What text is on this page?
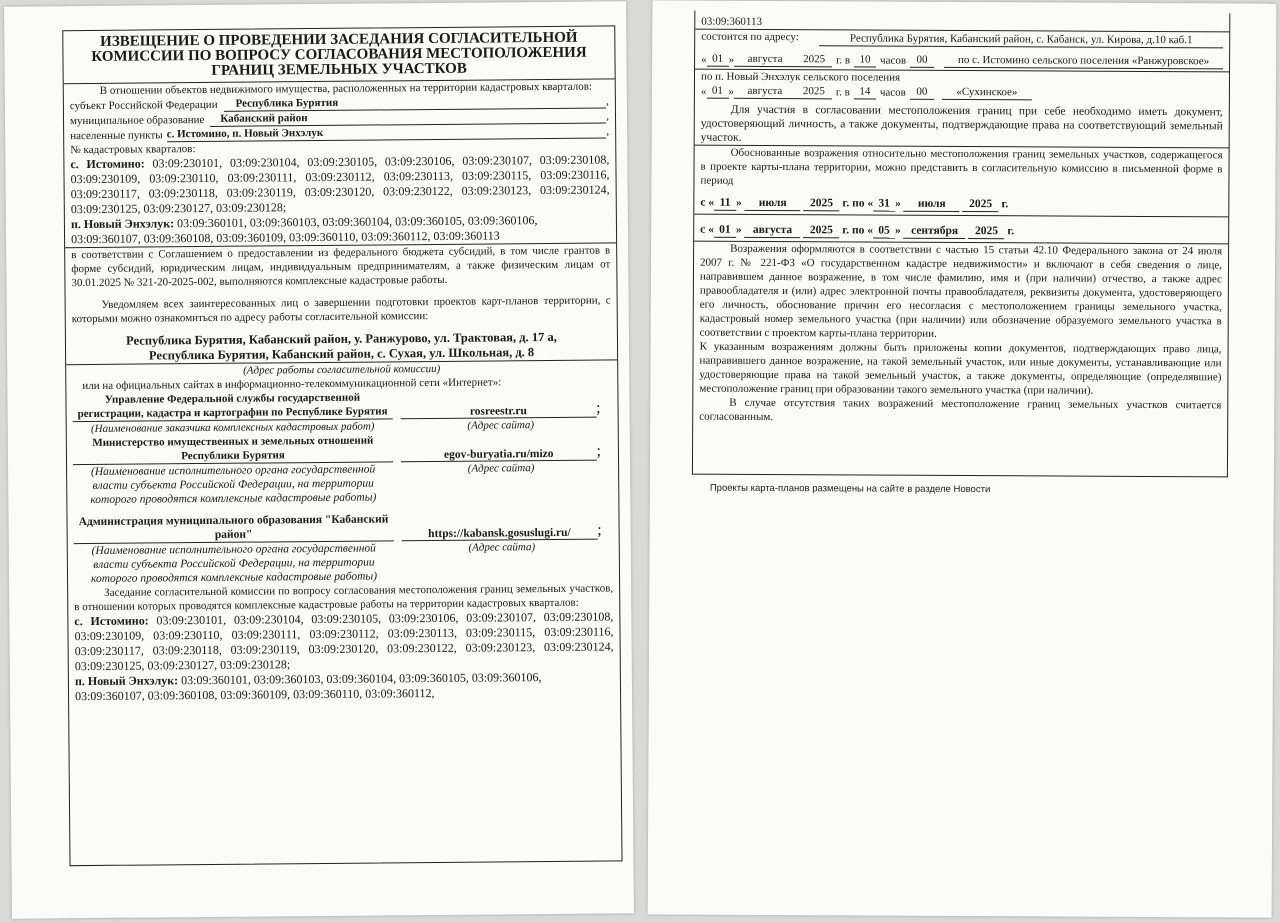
ИЗВЕЩЕНИЕ О ПРОВЕДЕНИИ ЗАСЕДАНИЯ СОГЛАСИТЕЛЬНОЙ КОМИССИИ ПО ВОПРОСУ СОГЛАСОВАНИЯ МЕСТОПОЛОЖЕНИЯ ГРАНИЦ ЗЕМЕЛЬНЫХ УЧАСТКОВ

В отношении объектов недвижимого имущества, расположенных на территории кадастровых кварталов:

субъект Российской Федерации	Республика Бурятия	,
муниципальное образование	Кабанский район	,
населенные пункты с. Истомино, п. Новый Энхэлук	,

№ кадастровых кварталов:

с. Истомино: 03:09:230101, 03:09:230104, 03:09:230105, 03:09:230106, 03:09:230107, 03:09:230108, 03:09:230109, 03:09:230110, 03:09:230111, 03:09:230112, 03:09:230113, 03:09:230115, 03:09:230116, 03:09:230117, 03:09:230118, 03:09:230119, 03:09:230120, 03:09:230122, 03:09:230123, 03:09:230124, 03:09:230125, 03:09:230127, 03:09:230128;

п. Новый Энхэлук: 03:09:360101, 03:09:360103, 03:09:360104, 03:09:360105, 03:09:360106, 03:09:360107, 03:09:360108, 03:09:360109, 03:09:360110, 03:09:360112, 03:09:360113

в соответствии с Соглашением о предоставлении из федерального бюджета субсидий, в том числе грантов в форме субсидий, юридическим лицам, индивидуальным предпринимателям, а также физическим лицам от 30.01.2025 № 321-20-2025-002, выполняются комплексные кадастровые работы.

Уведомляем всех заинтересованных лиц о завершении подготовки проектов карт-планов территории, с которыми можно ознакомиться по адресу работы согласительной комиссии:

Республика Бурятия, Кабанский район, у. Ранжурово, ул. Трактовая, д. 17 а,

Республика Бурятия, Кабанский район, с. Сухая, ул. Школьная, д. 8

(Адрес работы согласительной комиссии)

или на официальных сайтах в информационно-телекоммуникационной сети «Интернет»:

Управление Федеральной службы государственной регистрации, кадастра и картографии по Республике Бурятия	rosreestr.ru	;
(Наименование заказчика комплексных кадастровых работ)	(Адрес сайта)
Министерство имущественных и земельных отношений Республики Бурятия	egov-buryatia.ru/mizo	;
(Наименование исполнительного органа государственной власти субъекта Российской Федерации, на территории которого проводятся комплексные кадастровые работы)
(Адрес сайта)
Администрация муниципального образования "Кабанский район"	https://kabansk.gosuslugi.ru/	;
(Наименование исполнительного органа государственной власти субъекта Российской Федерации, на территории которого проводятся комплексные кадастровые работы)
(Адрес сайта)

Заседание согласительной комиссии по вопросу согласования местоположения границ земельных участков, в отношении которых проводятся комплексные кадастровые работы на территории кадастровых кварталов:

с. Истомино: 03:09:230101, 03:09:230104, 03:09:230105, 03:09:230106, 03:09:230107, 03:09:230108, 03:09:230109, 03:09:230110, 03:09:230111, 03:09:230112, 03:09:230113, 03:09:230115, 03:09:230116, 03:09:230117, 03:09:230118, 03:09:230119, 03:09:230120, 03:09:230122, 03:09:230123, 03:09:230124, 03:09:230125, 03:09:230127, 03:09:230128;

п. Новый Энхэлук: 03:09:360101, 03:09:360103, 03:09:360104, 03:09:360105, 03:09:360106, 03:09:360107, 03:09:360108, 03:09:360109, 03:09:360110, 03:09:360112,

03:09:360113

состоится по адресу:	Республика Бурятия, Кабанский район, с. Кабанск, ул. Кирова, д.10 каб.1
« 01 »	августа	2025 г. в 10 часов 00	по с. Истомино сельского поселения «Ранжуровское»

по п. Новый Энхэлук сельского поселения

« 01 »	августа	2025 г. в 14 часов 00	«Сухинское»

Для участия в согласовании местоположения границ при себе необходимо иметь документ, удостоверяющий личность, а также документы, подтверждающие права на соответствующий земельный участок.

Обоснованные возражения относительно местоположения границ земельных участков, содержащегося в проекте карты-плана территории, можно представить в согласительную комиссию в письменной форме в период

с « 11 » июля 2025 г. по « 31 » июля 2025 г.
с « 01 » августа 2025 г. по « 05 » сентября 2025 г.

Возражения оформляются в соответствии с частью 15 статьи 42.10 Федерального закона от 24 июля 2007 г. № 221-ФЗ «О государственном кадастре недвижимости» и включают в себя сведения о лице, направившем данное возражение, в том числе фамилию, имя и (при наличии) отчество, а также адрес правообладателя и (или) адрес электронной почты правообладателя, реквизиты документа, удостоверяющего его личность, обоснование причин его несогласия с местоположением границы земельного участка, кадастровый номер земельного участка (при наличии) или обозначение образуемого земельного участка в соответствии с проектом карты-плана территории.

К указанным возражениям должны быть приложены копии документов, подтверждающих право лица, направившего данное возражение, на такой земельный участок, или иные документы, устанавливающие или удостоверяющие права на такой земельный участок, а также документы, определяющие (определявшие) местоположение границ при образовании такого земельного участка (при наличии).

В случае отсутствия таких возражений местоположение границ земельных участков считается согласованным.

Проекты карта-планов размещены на сайте в разделе Новости
